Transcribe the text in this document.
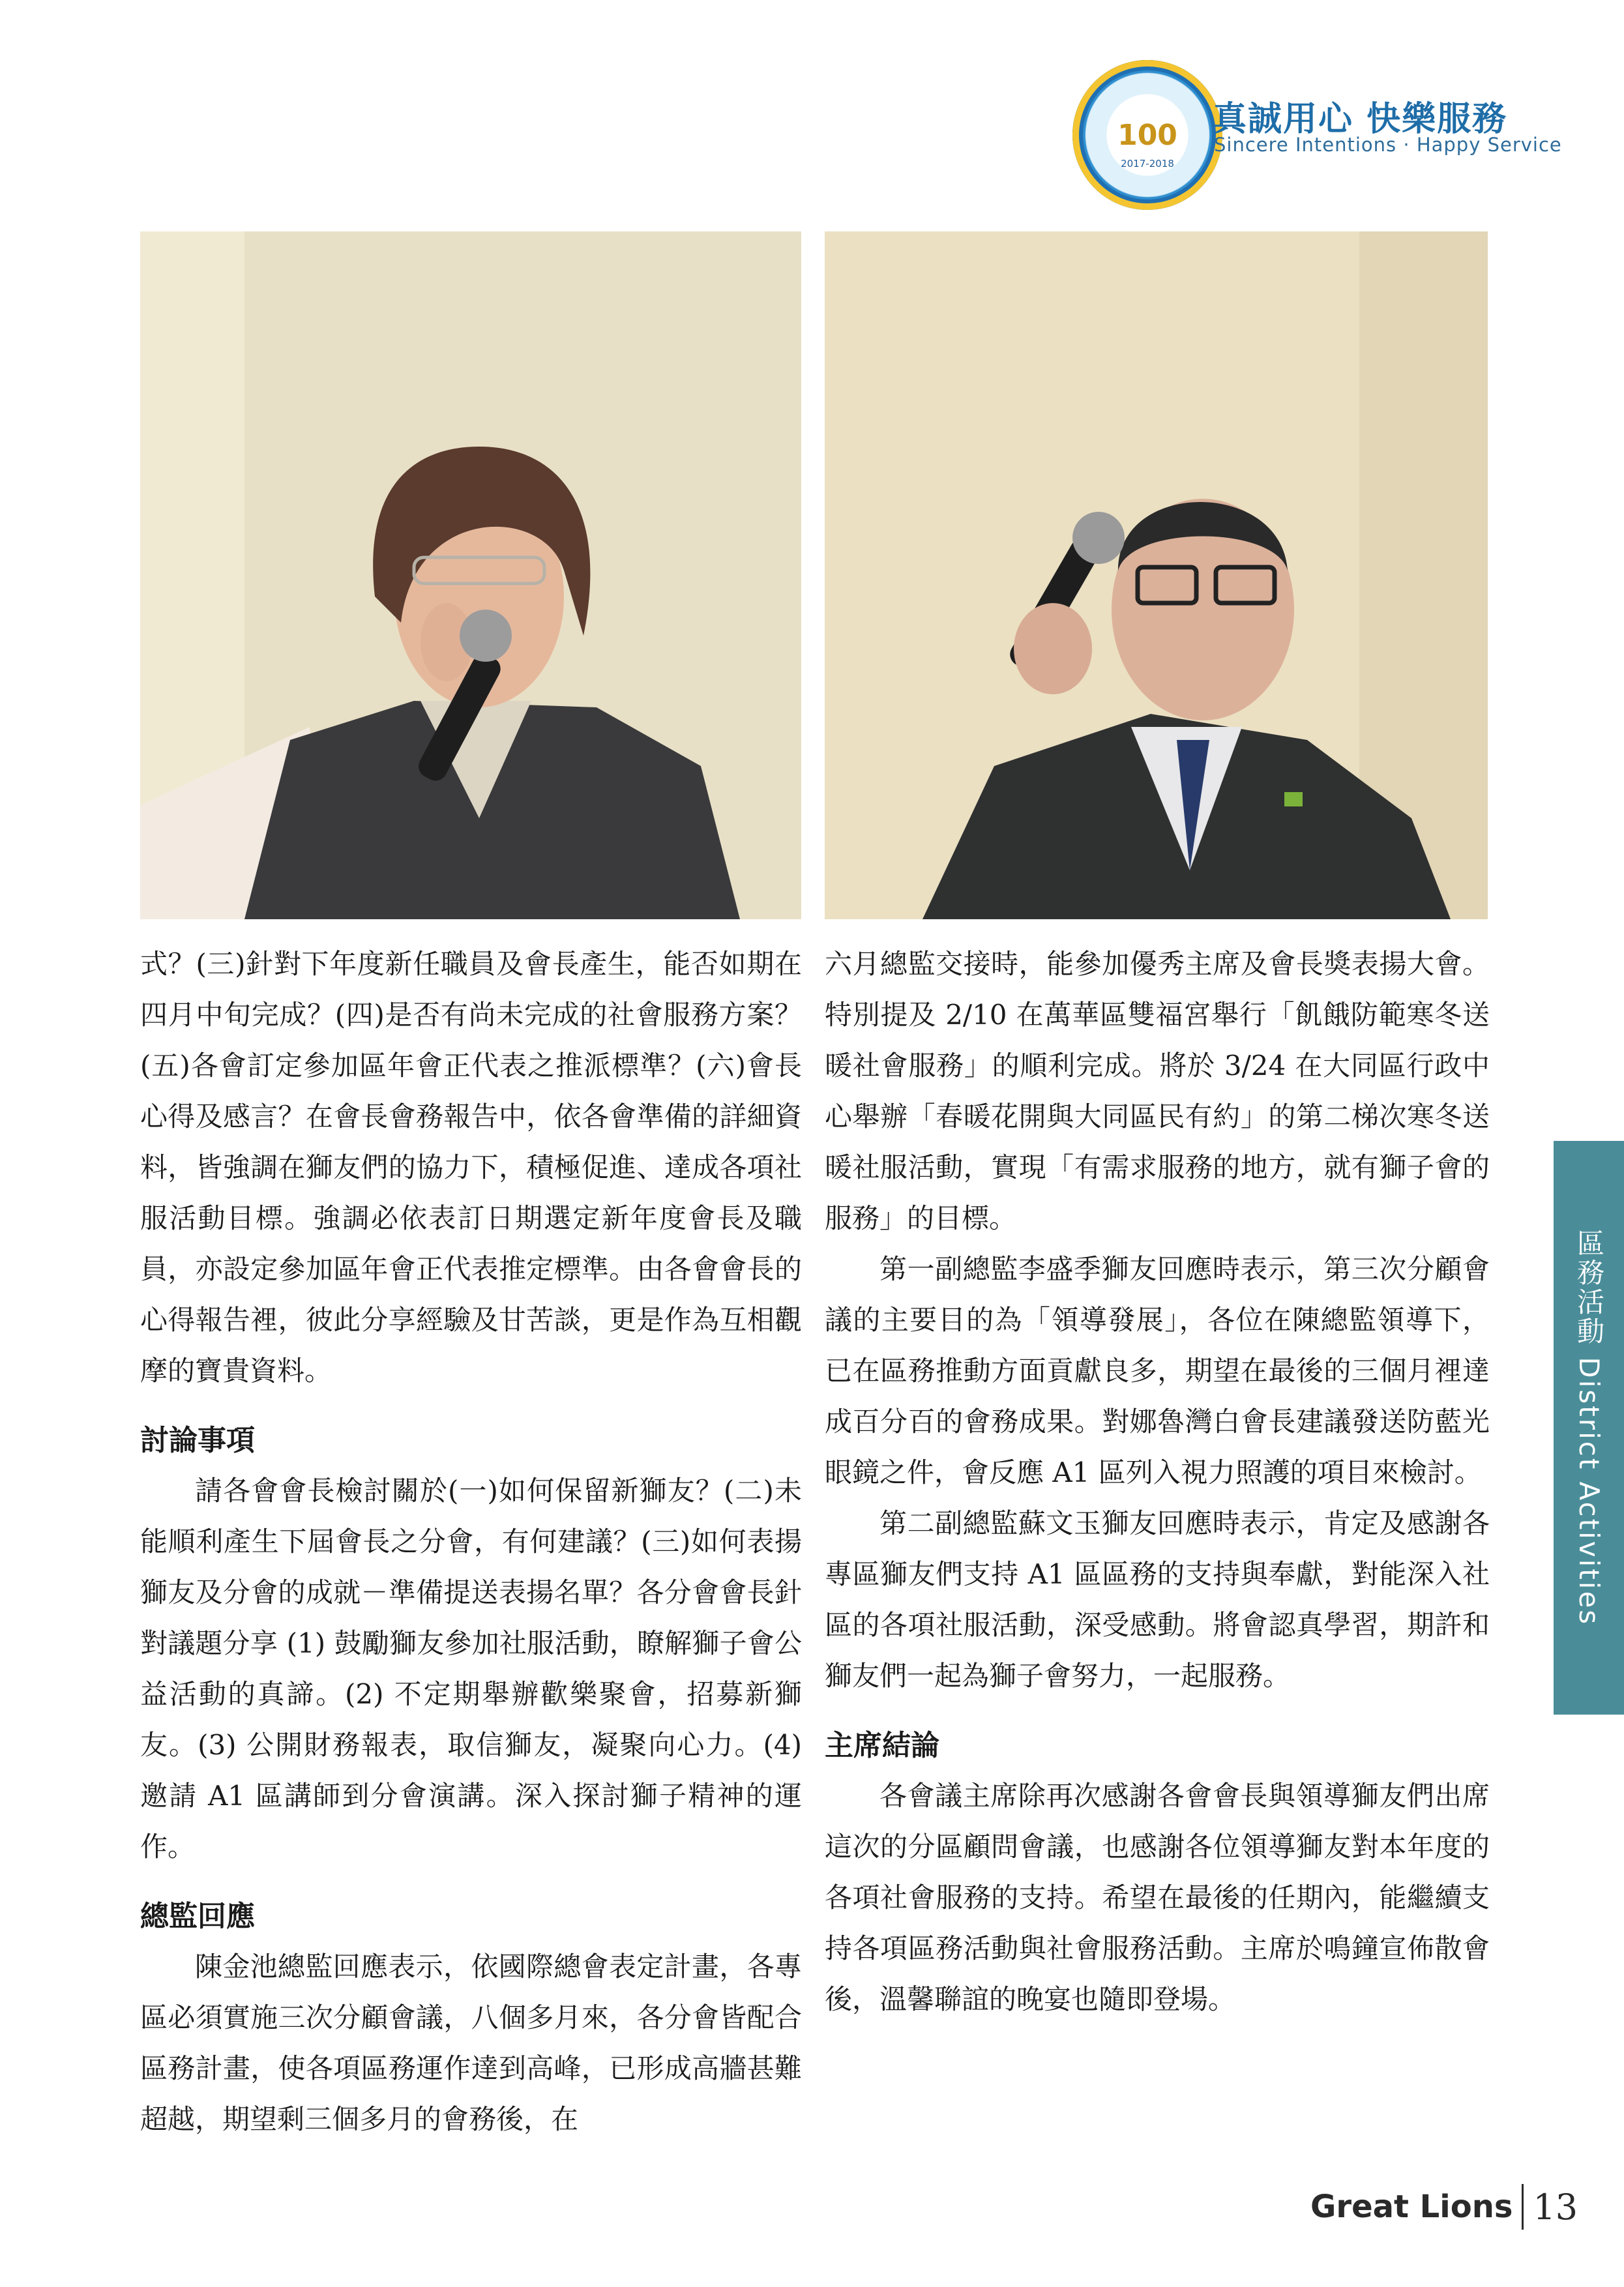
100
2017-2018
真誠用心 快樂服務
Sincere Intentions · Happy Service

式？(三)針對下年度新任職員及會長產生，能否如期在四月中旬完成？(四)是否有尚未完成的社會服務方案？(五)各會訂定參加區年會正代表之推派標準？(六)會長心得及感言？在會長會務報告中，依各會準備的詳細資料，皆強調在獅友們的協力下，積極促進、達成各項社服活動目標。強調必依表訂日期選定新年度會長及職員，亦設定參加區年會正代表推定標準。由各會會長的心得報告裡，彼此分享經驗及甘苦談，更是作為互相觀摩的寶貴資料。

討論事項

請各會會長檢討關於(一)如何保留新獅友？(二)未能順利產生下屆會長之分會，有何建議？(三)如何表揚獅友及分會的成就－準備提送表揚名單？各分會會長針對議題分享 (1) 鼓勵獅友參加社服活動，瞭解獅子會公益活動的真諦。(2) 不定期舉辦歡樂聚會，招募新獅友。(3) 公開財務報表，取信獅友，凝聚向心力。(4) 邀請 A1 區講師到分會演講。深入探討獅子精神的運作。

總監回應

陳金池總監回應表示，依國際總會表定計畫，各專區必須實施三次分顧會議，八個多月來，各分會皆配合區務計畫，使各項區務運作達到高峰，已形成高牆甚難超越，期望剩三個多月的會務後，在

六月總監交接時，能參加優秀主席及會長獎表揚大會。特別提及 2/10 在萬華區雙福宮舉行「飢餓防範寒冬送暖社會服務」的順利完成。將於 3/24 在大同區行政中心舉辦「春暖花開與大同區民有約」的第二梯次寒冬送暖社服活動，實現「有需求服務的地方，就有獅子會的服務」的目標。

第一副總監李盛季獅友回應時表示，第三次分顧會議的主要目的為「領導發展」，各位在陳總監領導下，已在區務推動方面貢獻良多，期望在最後的三個月裡達成百分百的會務成果。對娜魯灣白會長建議發送防藍光眼鏡之件，會反應 A1 區列入視力照護的項目來檢討。

第二副總監蘇文玉獅友回應時表示，肯定及感謝各專區獅友們支持 A1 區區務的支持與奉獻，對能深入社區的各項社服活動，深受感動。將會認真學習，期許和獅友們一起為獅子會努力，一起服務。

主席結論

各會議主席除再次感謝各會會長與領導獅友們出席這次的分區顧問會議，也感謝各位領導獅友對本年度的各項社會服務的支持。希望在最後的任期內，能繼續支持各項區務活動與社會服務活動。主席於鳴鐘宣佈散會後，溫馨聯誼的晚宴也隨即登場。

區務活動 District Activities
Great Lions 13
